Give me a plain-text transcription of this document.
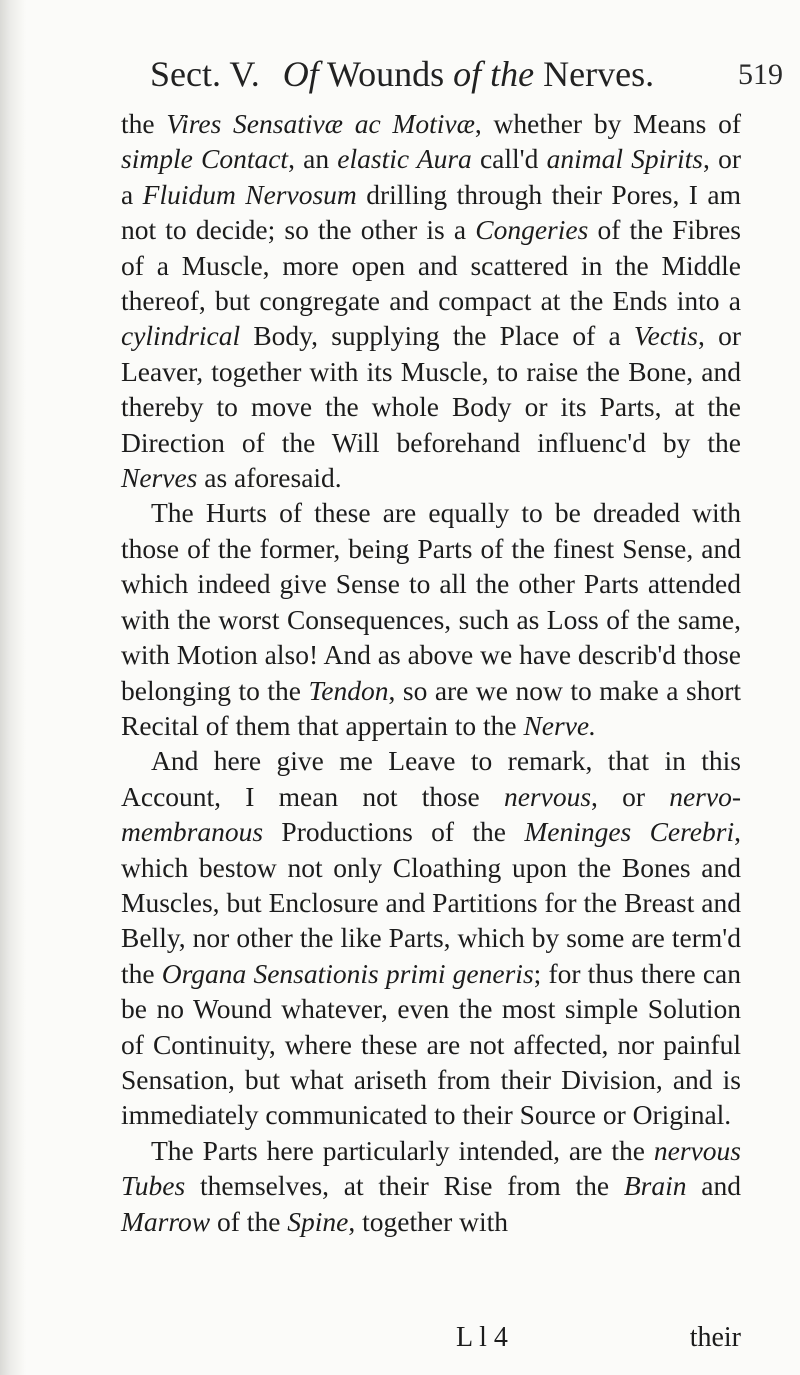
Sect. V. Of Wounds of the Nerves.	519

the Vires Sensativæ ac Motivæ, whether by Means of simple Contact, an elastic Aura call'd animal Spirits, or a Fluidum Nervosum drilling through their Pores, I am not to decide; so the other is a Congeries of the Fibres of a Muscle, more open and scattered in the Middle thereof, but congregate and compact at the Ends into a cylindrical Body, supplying the Place of a Vectis, or Leaver, together with its Muscle, to raise the Bone, and thereby to move the whole Body or its Parts, at the Direction of the Will beforehand influenc'd by the Nerves as aforesaid.

The Hurts of these are equally to be dreaded with those of the former, being Parts of the finest Sense, and which indeed give Sense to all the other Parts attended with the worst Consequences, such as Loss of the same, with Motion also! And as above we have describ'd those belonging to the Tendon, so are we now to make a short Recital of them that appertain to the Nerve.

And here give me Leave to remark, that in this Account, I mean not those nervous, or nervo-membranous Productions of the Meninges Cerebri, which bestow not only Cloathing upon the Bones and Muscles, but Enclosure and Partitions for the Breast and Belly, nor other the like Parts, which by some are term'd the Organa Sensationis primi generis; for thus there can be no Wound whatever, even the most simple Solution of Continuity, where these are not affected, nor painful Sensation, but what ariseth from their Division, and is immediately communicated to their Source or Original.

The Parts here particularly intended, are the nervous Tubes themselves, at their Rise from the Brain and Marrow of the Spine, together with

L l 4	their
